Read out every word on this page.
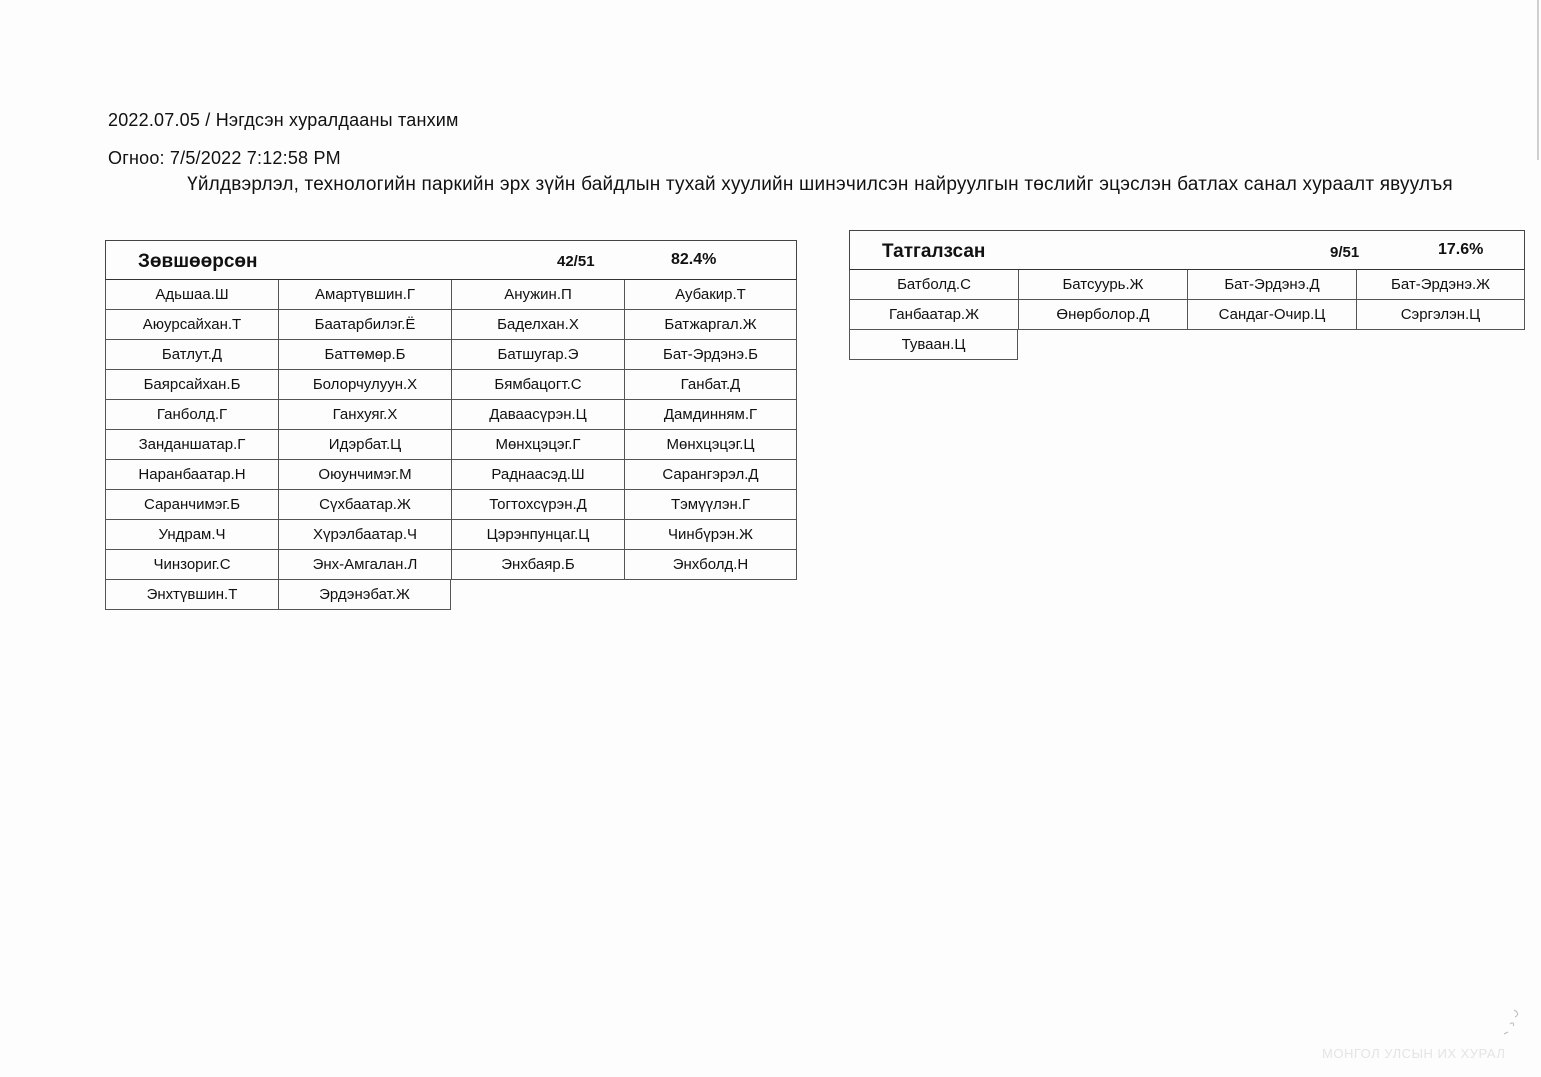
2022.07.05 / Нэгдсэн хуралдааны танхим
Огноо: 7/5/2022 7:12:58 PM
Үйлдвэрлэл, технологийн паркийн эрх зүйн байдлын тухай хуулийн шинэчилсэн найруулгын төслийг эцэслэн батлах санал хураалт явуулъя
Зөвшөөрсөн	42/51	82.4%
Адьшаа.Ш	Амартүвшин.Г	Анужин.П	Аубакир.Т
Аюурсайхан.Т	Баатарбилэг.Ё	Баделхан.Х	Батжаргал.Ж
Батлут.Д	Баттөмөр.Б	Батшугар.Э	Бат-Эрдэнэ.Б
Баярсайхан.Б	Болорчулуун.Х	Бямбацогт.С	Ганбат.Д
Ганболд.Г	Ганхуяг.Х	Даваасүрэн.Ц	Дамдинням.Г
Занданшатар.Г	Идэрбат.Ц	Мөнхцэцэг.Г	Мөнхцэцэг.Ц
Наранбаатар.Н	Оюунчимэг.М	Раднаасэд.Ш	Сарангэрэл.Д
Саранчимэг.Б	Сүхбаатар.Ж	Тогтохсүрэн.Д	Тэмүүлэн.Г
Ундрам.Ч	Хүрэлбаатар.Ч	Цэрэнпунцаг.Ц	Чинбүрэн.Ж
Чинзориг.С	Энх-Амгалан.Л	Энхбаяр.Б	Энхболд.Н
Энхтүвшин.Т	Эрдэнэбат.Ж
Татгалзсан	9/51	17.6%
Батболд.С	Батсуурь.Ж	Бат-Эрдэнэ.Д	Бат-Эрдэнэ.Ж
Ганбаатар.Ж	Өнөрболор.Д	Сандаг-Очир.Ц	Сэргэлэн.Ц
Туваан.Ц
МОНГОЛ УЛСЫН ИХ ХУРАЛ
